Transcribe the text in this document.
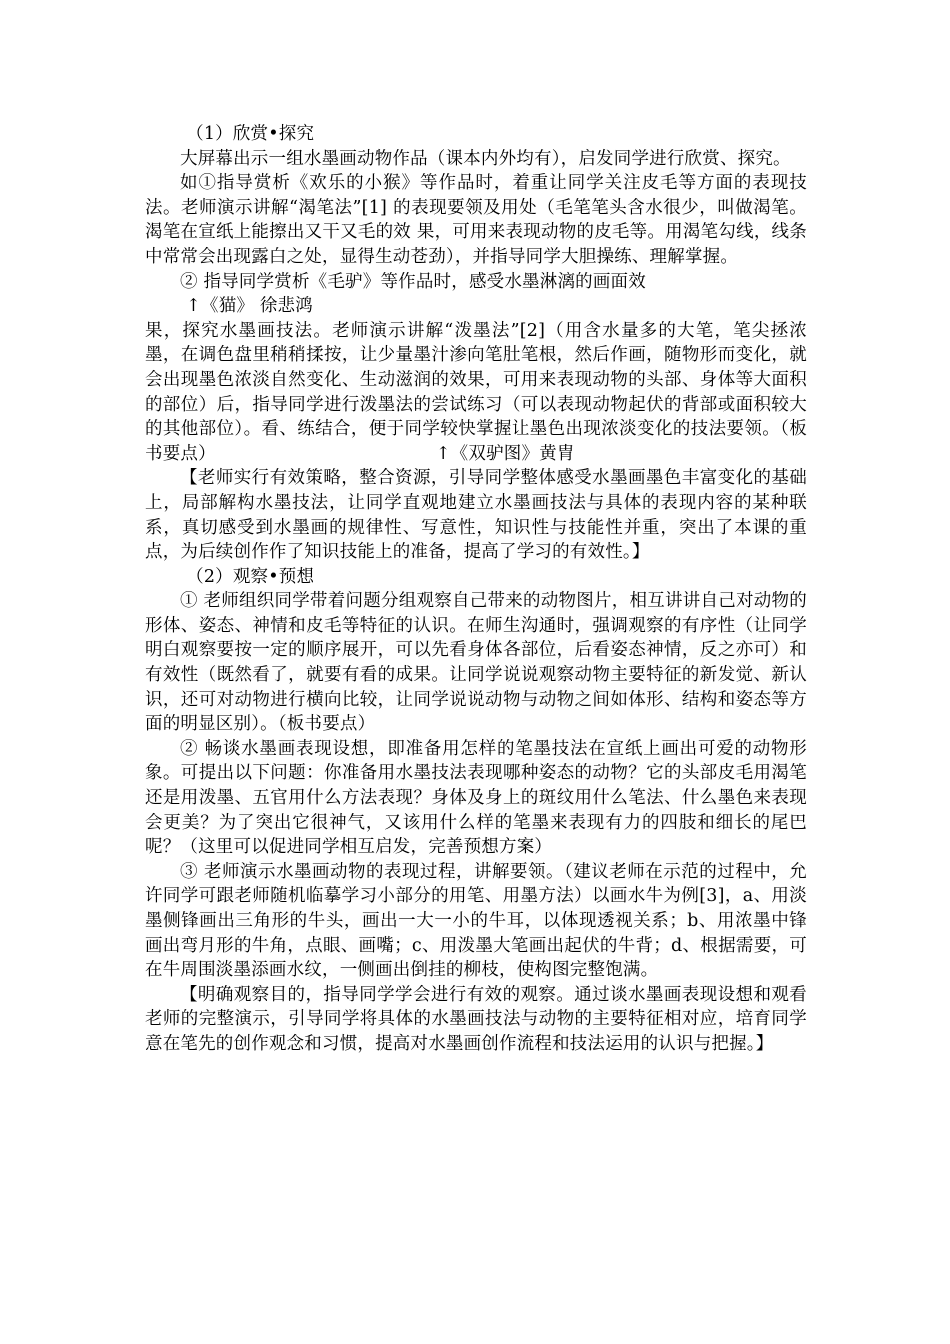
（1）欣赏•探究

大屏幕出示一组水墨画动物作品（课本内外均有），启发同学进行欣赏、探究。

如①指导赏析《欢乐的小猴》等作品时，着重让同学关注皮毛等方面的表现技法。老师演示讲解“渴笔法”[1] 的表现要领及用处（毛笔笔头含水很少，叫做渴笔。渴笔在宣纸上能擦出又干又毛的效 果，可用来表现动物的皮毛等。用渴笔勾线，线条中常常会出现露白之处，显得生动苍劲），并指导同学大胆操练、理解掌握。

② 指导同学赏析《毛驴》等作品时，感受水墨淋漓的画面效

↑《猫》 徐悲鸿

果，探究水墨画技法。老师演示讲解“泼墨法”[2]（用含水量多的大笔，笔尖拯浓墨，在调色盘里稍稍揉按，让少量墨汁渗向笔肚笔根，然后作画，随物形而变化，就会出现墨色浓淡自然变化、生动滋润的效果，可用来表现动物的头部、身体等大面积的部位）后，指导同学进行泼墨法的尝试练习（可以表现动物起伏的背部或面积较大的其他部位）。看、练结合，便于同学较快掌握让墨色出现浓淡变化的技法要领。（板书要点）	↑《双驴图》黄胄

【老师实行有效策略，整合资源，引导同学整体感受水墨画墨色丰富变化的基础上，局部解构水墨技法，让同学直观地建立水墨画技法与具体的表现内容的某种联系，真切感受到水墨画的规律性、写意性，知识性与技能性并重，突出了本课的重点，为后续创作作了知识技能上的准备，提高了学习的有效性。】

（2）观察•预想

① 老师组织同学带着问题分组观察自己带来的动物图片，相互讲讲自己对动物的形体、姿态、神情和皮毛等特征的认识。在师生沟通时，强调观察的有序性（让同学明白观察要按一定的顺序展开，可以先看身体各部位，后看姿态神情，反之亦可）和有效性（既然看了，就要有看的成果。让同学说说观察动物主要特征的新发觉、新认识，还可对动物进行横向比较，让同学说说动物与动物之间如体形、结构和姿态等方面的明显区别）。（板书要点）

② 畅谈水墨画表现设想，即准备用怎样的笔墨技法在宣纸上画出可爱的动物形象。可提出以下问题：你准备用水墨技法表现哪种姿态的动物？它的头部皮毛用渴笔还是用泼墨、五官用什么方法表现？身体及身上的斑纹用什么笔法、什么墨色来表现会更美？为了突出它很神气，又该用什么样的笔墨来表现有力的四肢和细长的尾巴呢？（这里可以促进同学相互启发，完善预想方案）

③ 老师演示水墨画动物的表现过程，讲解要领。（建议老师在示范的过程中，允许同学可跟老师随机临摹学习小部分的用笔、用墨方法）以画水牛为例[3]，a、用淡墨侧锋画出三角形的牛头，画出一大一小的牛耳，以体现透视关系；b、用浓墨中锋画出弯月形的牛角，点眼、画嘴；c、用泼墨大笔画出起伏的牛背；d、根据需要，可在牛周围淡墨添画水纹，一侧画出倒挂的柳枝，使构图完整饱满。

【明确观察目的，指导同学学会进行有效的观察。通过谈水墨画表现设想和观看老师的完整演示，引导同学将具体的水墨画技法与动物的主要特征相对应，培育同学意在笔先的创作观念和习惯，提高对水墨画创作流程和技法运用的认识与把握。】
